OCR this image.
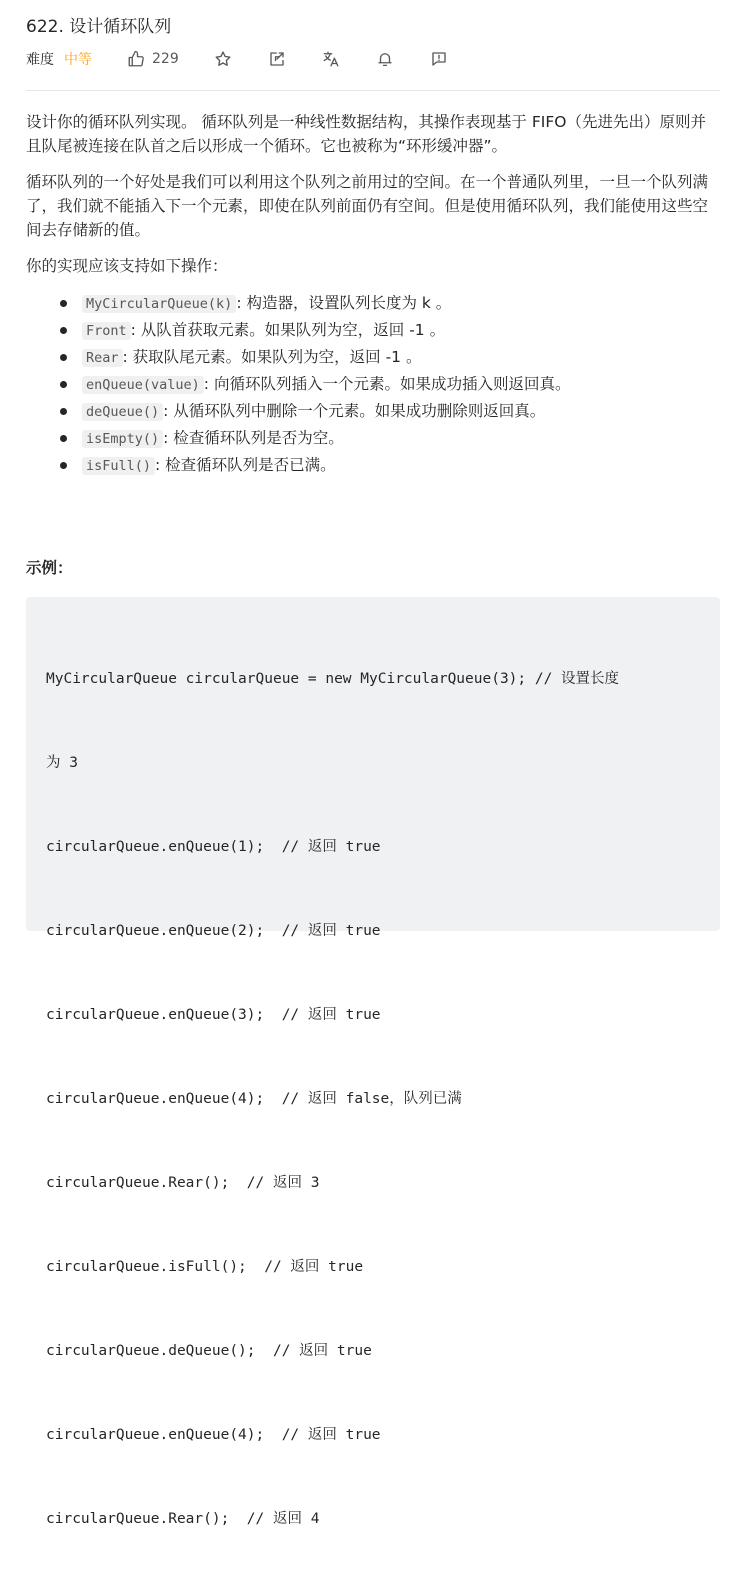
622. 设计循环队列
难度 中等	229

设计你的循环队列实现。 循环队列是一种线性数据结构，其操作表现基于 FIFO（先进先出）原则并且队尾被连接在队首之后以形成一个循环。它也被称为“环形缓冲器”。

循环队列的一个好处是我们可以利用这个队列之前用过的空间。在一个普通队列里，一旦一个队列满了，我们就不能插入下一个元素，即使在队列前面仍有空间。但是使用循环队列，我们能使用这些空间去存储新的值。

你的实现应该支持如下操作：

MyCircularQueue(k) : 构造器，设置队列长度为 k 。
Front : 从队首获取元素。如果队列为空，返回 -1 。
Rear : 获取队尾元素。如果队列为空，返回 -1 。
enQueue(value) : 向循环队列插入一个元素。如果成功插入则返回真。
deQueue() : 从循环队列中删除一个元素。如果成功删除则返回真。
isEmpty() : 检查循环队列是否为空。
isFull() : 检查循环队列是否已满。
示例：

MyCircularQueue circularQueue = new MyCircularQueue(3); // 设置长度

为 3

circularQueue.enQueue(1);  // 返回 true

circularQueue.enQueue(2);  // 返回 true

circularQueue.enQueue(3);  // 返回 true

circularQueue.enQueue(4);  // 返回 false，队列已满

circularQueue.Rear();  // 返回 3

circularQueue.isFull();  // 返回 true

circularQueue.deQueue();  // 返回 true

circularQueue.enQueue(4);  // 返回 true

circularQueue.Rear();  // 返回 4
